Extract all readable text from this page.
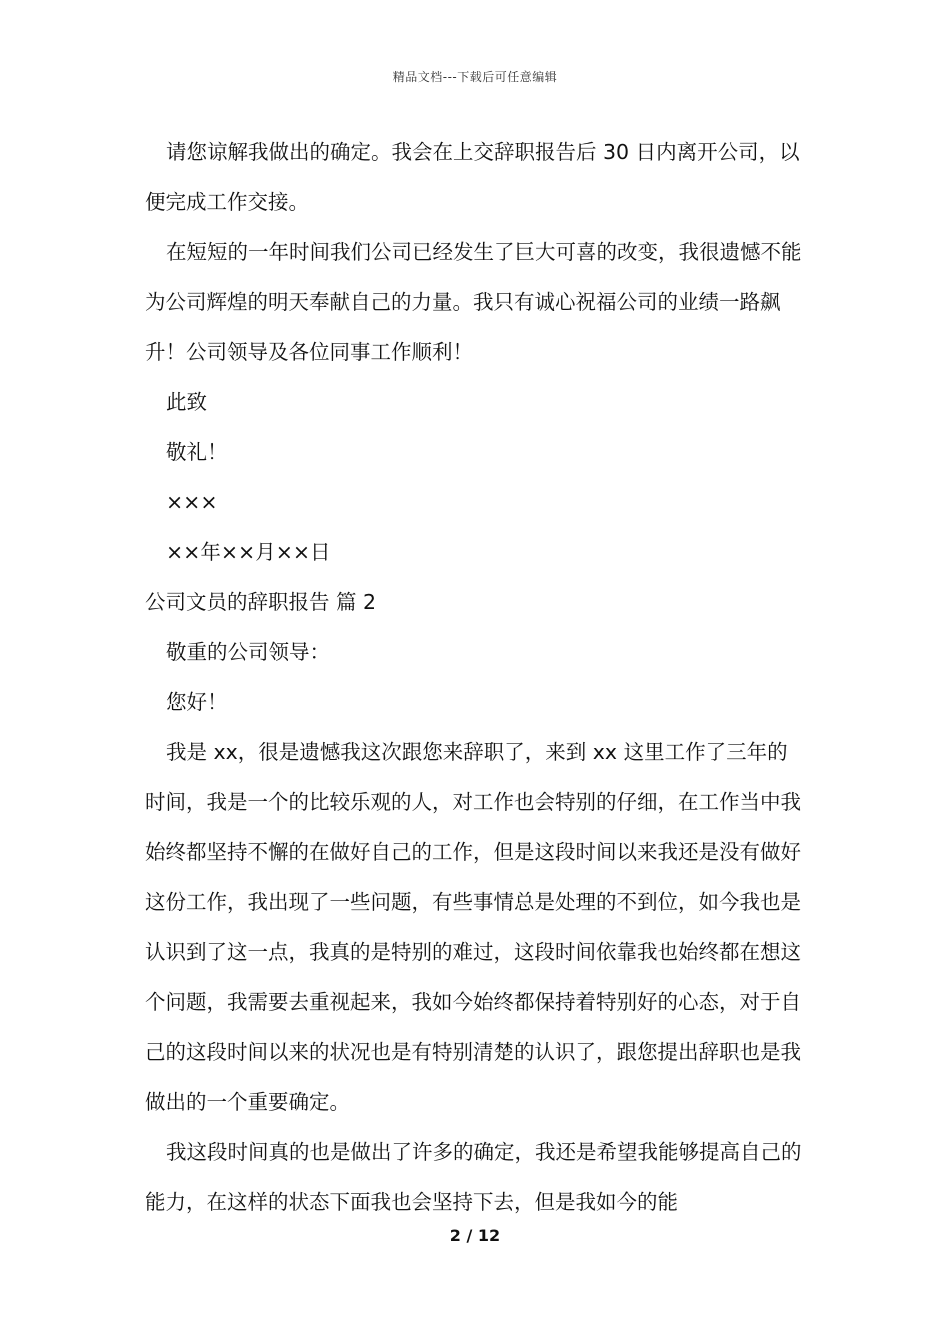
精品文档---下载后可任意编辑

请您谅解我做出的确定。我会在上交辞职报告后 30 日内离开公司，以便完成工作交接。

在短短的一年时间我们公司已经发生了巨大可喜的改变，我很遗憾不能为公司辉煌的明天奉献自己的力量。我只有诚心祝福公司的业绩一路飙升！公司领导及各位同事工作顺利！

此致

敬礼！

×××

××年××月××日

公司文员的辞职报告 篇 2

敬重的公司领导：

您好！

我是 xx，很是遗憾我这次跟您来辞职了，来到 xx 这里工作了三年的时间，我是一个的比较乐观的人，对工作也会特别的仔细，在工作当中我始终都坚持不懈的在做好自己的工作，但是这段时间以来我还是没有做好这份工作，我出现了一些问题，有些事情总是处理的不到位，如今我也是认识到了这一点，我真的是特别的难过，这段时间依靠我也始终都在想这个问题，我需要去重视起来，我如今始终都保持着特别好的心态，对于自己的这段时间以来的状况也是有特别清楚的认识了，跟您提出辞职也是我做出的一个重要确定。

我这段时间真的也是做出了许多的确定，我还是希望我能够提高自己的能力，在这样的状态下面我也会坚持下去，但是我如今的能

2 / 12
